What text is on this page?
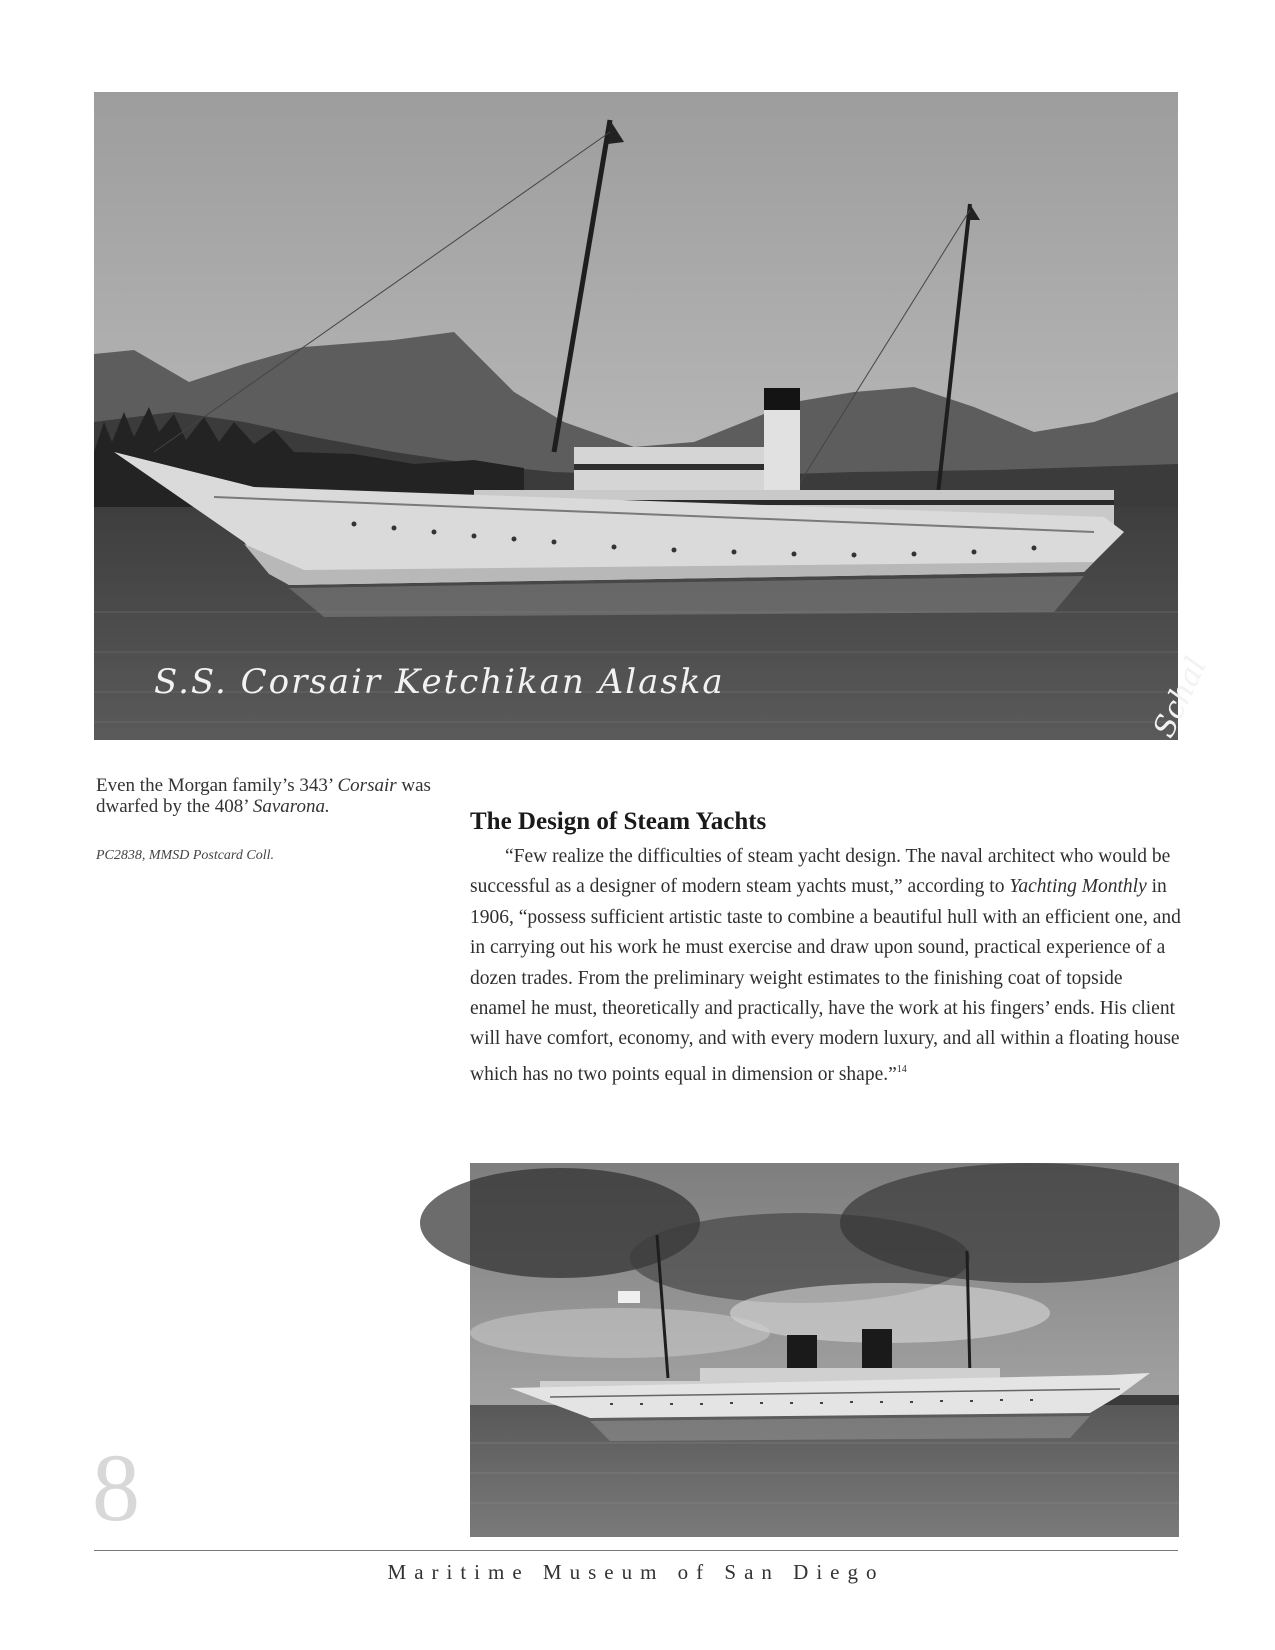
S.S. Corsair Ketchikan Alaska	Schal
Even the Morgan family’s 343’ Corsair was dwarfed by the 408’ Savarona.
PC2838, MMSD Postcard Coll.
The Design of Steam Yachts

“Few realize the difficulties of steam yacht design. The naval architect who would be successful as a designer of modern steam yachts must,” according to Yachting Monthly in 1906, “possess sufficient artistic taste to combine a beautiful hull with an efficient one, and in carrying out his work he must exercise and draw upon sound, practical experience of a dozen trades. From the preliminary weight estimates to the finishing coat of topside enamel he must, theoretically and practically, have the work at his fingers’ ends. His client will have comfort, economy, and with every modern luxury, and all within a floating house which has no two points equal in dimension or shape.”$^{14}$

8
Maritime Museum of San Diego
